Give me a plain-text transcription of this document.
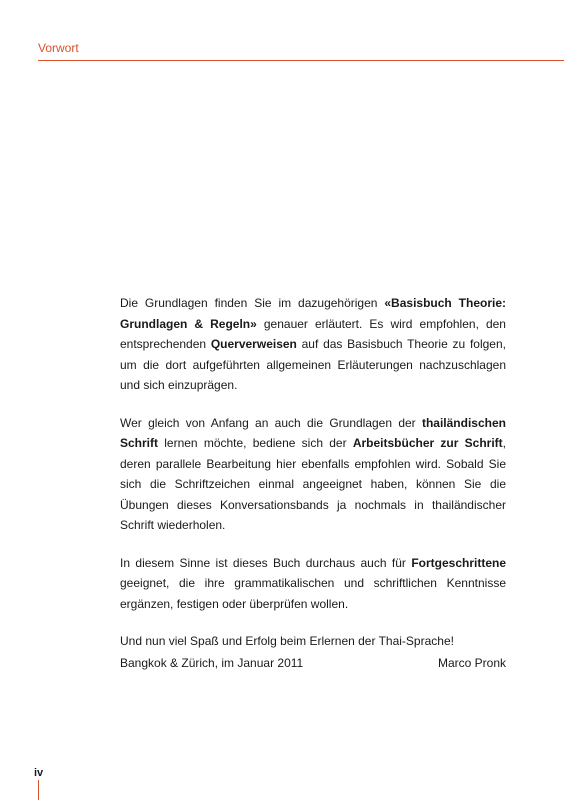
Vorwort

Die Grundlagen finden Sie im dazugehörigen «Basisbuch Theorie: Grundlagen & Regeln» genauer erläutert. Es wird empfohlen, den entsprechenden Querverweisen auf das Basisbuch Theorie zu folgen, um die dort aufgeführten allgemeinen Erläuterungen nachzuschlagen und sich einzuprägen.

Wer gleich von Anfang an auch die Grundlagen der thailändischen Schrift lernen möchte, bediene sich der Arbeitsbücher zur Schrift, deren parallele Bearbeitung hier ebenfalls empfohlen wird. Sobald Sie sich die Schriftzeichen einmal angeeignet haben, können Sie die Übungen dieses Konversationsbands ja nochmals in thailändischer Schrift wiederholen.

In diesem Sinne ist dieses Buch durchaus auch für Fortgeschrittene geeignet, die ihre grammatikalischen und schriftlichen Kenntnisse ergänzen, festigen oder überprüfen wollen.

Und nun viel Spaß und Erfolg beim Erlernen der Thai-Sprache!

Bangkok & Zürich, im Januar 2011	Marco Pronk
iv
